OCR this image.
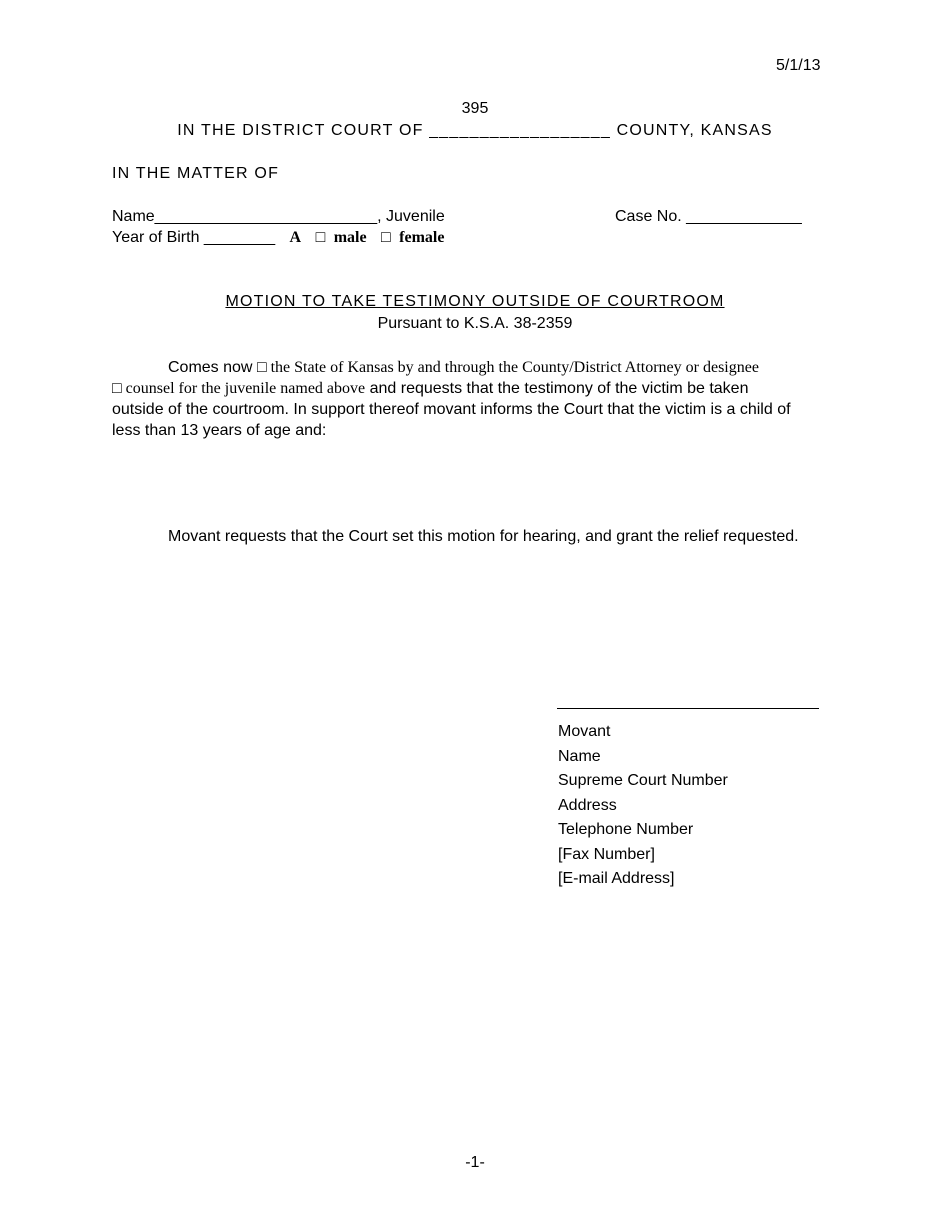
5/1/13
395
IN THE DISTRICT COURT OF __________________ COUNTY, KANSAS
IN THE MATTER OF
Name_________________________, Juvenile	Case No. _____________
Year of Birth ________ A □ male □ female
MOTION TO TAKE TESTIMONY OUTSIDE OF COURTROOM
Pursuant to K.S.A. 38-2359
Comes now □ the State of Kansas by and through the County/District Attorney or designee
□ counsel for the juvenile named above and requests that the testimony of the victim be taken
outside of the courtroom. In support thereof movant informs the Court that the victim is a child of
less than 13 years of age and:
Movant requests that the Court set this motion for hearing, and grant the relief requested.
Movant
Name
Supreme Court Number
Address
Telephone Number
[Fax Number]
[E-mail Address]
-1-
